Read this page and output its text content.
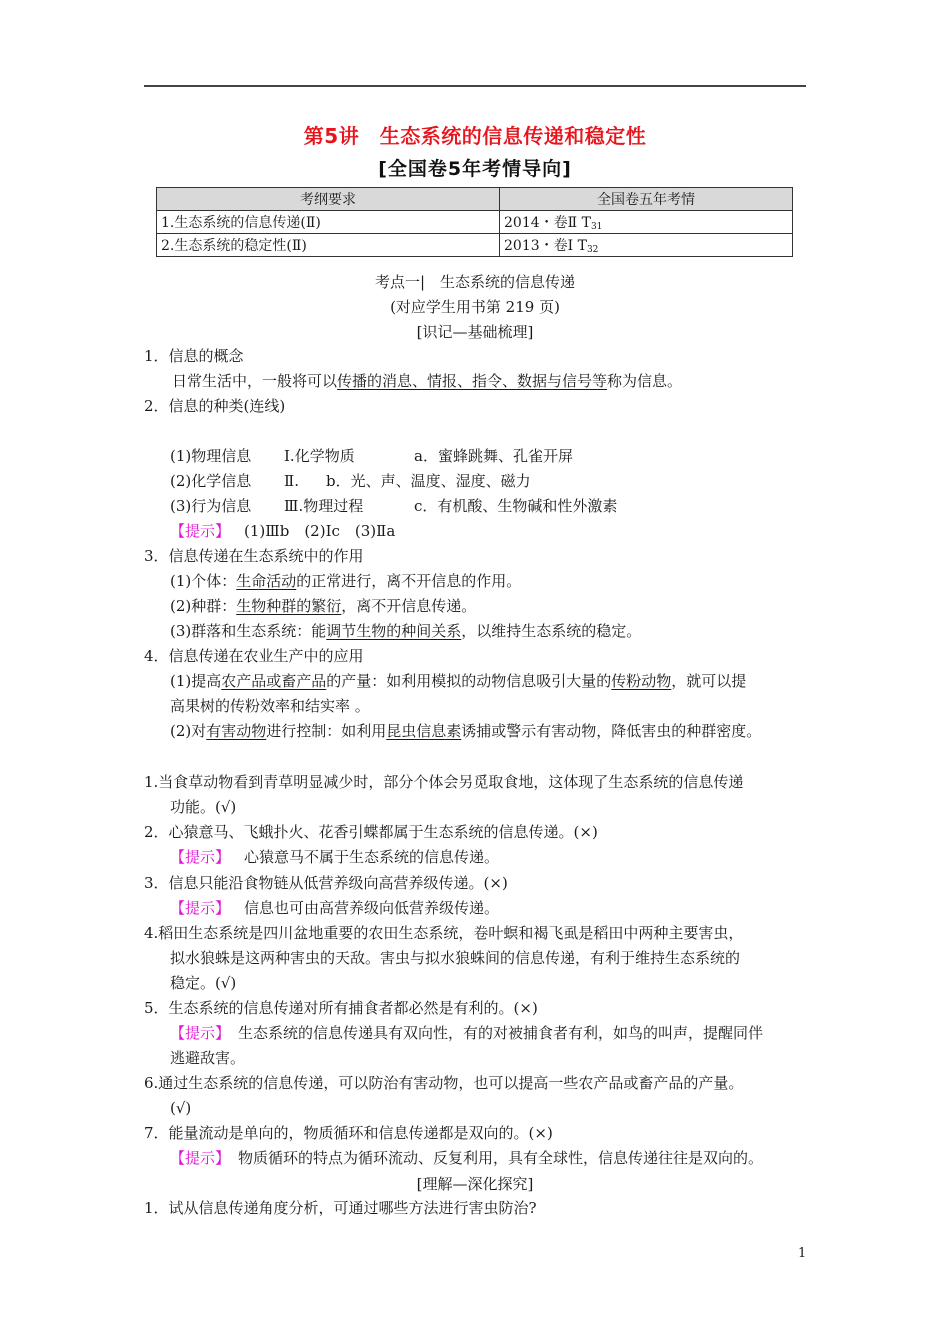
第5讲　生态系统的信息传递和稳定性
[全国卷5年考情导向]
考纲要求	全国卷五年考情
1.生态系统的信息传递(Ⅱ)	2014・卷Ⅱ $T_{31}$
2.生态系统的稳定性(Ⅱ)	2013・卷Ⅰ $T_{32}$
考点一|　生态系统的信息传递
(对应学生用书第 219 页)
[识记—基础梳理]
1．信息的概念
日常生活中，一般将可以传播的消息、情报、指令、数据与信号等称为信息。
2．信息的种类(连线)
(1)物理信息 Ⅰ.化学物质	a．蜜蜂跳舞、孔雀开屏
(2)化学信息 Ⅱ. b．光、声、温度、湿度、磁力
(3)行为信息 Ⅲ.物理过程	c．有机酸、生物碱和性外激素
【提示】 (1)Ⅲb　(2)Ⅰc　(3)Ⅱa
3．信息传递在生态系统中的作用
(1)个体：生命活动的正常进行，离不开信息的作用。
(2)种群：生物种群的繁衍，离不开信息传递。
(3)群落和生态系统：能调节生物的种间关系，以维持生态系统的稳定。
4．信息传递在农业生产中的应用
(1)提高农产品或畜产品的产量：如利用模拟的动物信息吸引大量的传粉动物，就可以提
高果树的传粉效率和结实率 。
(2)对有害动物进行控制：如利用昆虫信息素诱捕或警示有害动物，降低害虫的种群密度。
1.当食草动物看到青草明显减少时，部分个体会另觅取食地，这体现了生态系统的信息传递
功能。(√)
2．心猿意马、飞蛾扑火、花香引蝶都属于生态系统的信息传递。(×)
【提示】 心猿意马不属于生态系统的信息传递。
3．信息只能沿食物链从低营养级向高营养级传递。(×)
【提示】 信息也可由高营养级向低营养级传递。
4.稻田生态系统是四川盆地重要的农田生态系统，卷叶螟和褐飞虱是稻田中两种主要害虫，
拟水狼蛛是这两种害虫的天敌。害虫与拟水狼蛛间的信息传递，有利于维持生态系统的
稳定。(√)
5．生态系统的信息传递对所有捕食者都必然是有利的。(×)
【提示】 生态系统的信息传递具有双向性，有的对被捕食者有利，如鸟的叫声，提醒同伴
逃避敌害。
6.通过生态系统的信息传递，可以防治有害动物，也可以提高一些农产品或畜产品的产量。
(√)
7．能量流动是单向的，物质循环和信息传递都是双向的。(×)
【提示】 物质循环的特点为循环流动、反复利用，具有全球性，信息传递往往是双向的。
[理解—深化探究]
1．试从信息传递角度分析，可通过哪些方法进行害虫防治?
1
